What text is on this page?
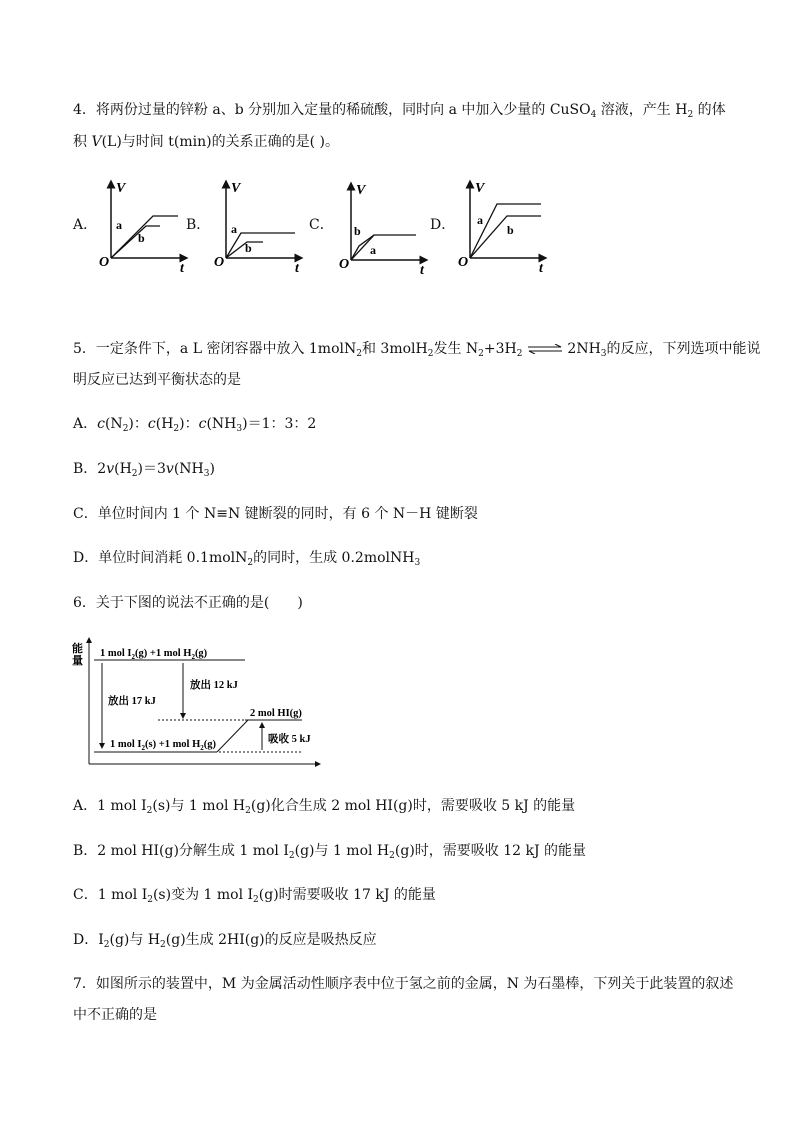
4．将两份过量的锌粉 a、b 分别加入定量的稀硫酸，同时向 a 中加入少量的 CuSO$_4$ 溶液，产生 $H_2$ 的体
积 V(L)与时间 t(min)的关系正确的是( )。
A．
V
t
O
a
b
B．
V
t
O
a
b
C．
V
t
O
b
a
D．
V
t
O
a
b
5．一定条件下，a L 密闭容器中放入 1molN$_2$和 3molH$_2$发生 $N_2+3H_2$ ⇌ $2NH_3$的反应，下列选项中能说
明反应已达到平衡状态的是
A．$c(N_2)$：$c(H_2)$：$c(NH_3)=1$：3：2
B．$2v(H_2)=3v(NH_3)$
C．单位时间内 1 个 N≡N 键断裂的同时，有 6 个 N－H 键断裂
D．单位时间消耗 0.1molN$_2$的同时，生成 0.2molNH$_3$
6．关于下图的说法不正确的是(　　)
能
量
1 mol $I_2(g) +1$ mol $H_2(g)$
放出 17 kJ
放出 12 kJ
2 mol HI(g)
1 mol $I_2(s) +1$ mol $H_2(g)$	吸收 5 kJ
A．1 mol $I_2(s)$与 1 mol $H_2(g)$化合生成 2 mol HI(g)时，需要吸收 5 kJ 的能量
B．2 mol HI(g)分解生成 1 mol $I_2(g)$与 1 mol $H_2(g)$时，需要吸收 12 kJ 的能量
C．1 mol $I_2(s)$变为 1 mol $I_2(g)$时需要吸收 17 kJ 的能量
D．$I_2(g)$与 $H_2(g)$生成 2HI(g)的反应是吸热反应
7．如图所示的装置中，M 为金属活动性顺序表中位于氢之前的金属，N 为石墨棒，下列关于此装置的叙述
中不正确的是
